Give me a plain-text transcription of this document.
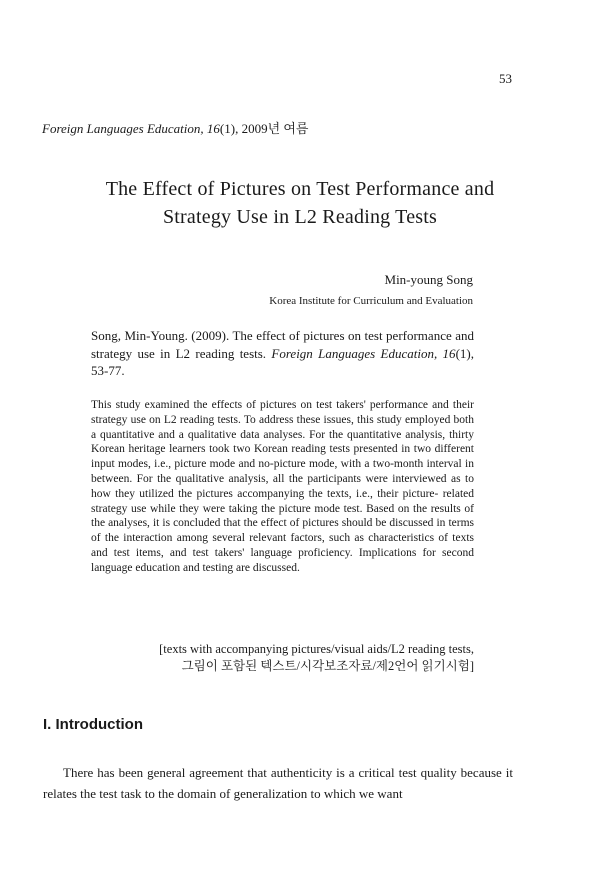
53
Foreign Languages Education, 16(1), 2009년 여름
The Effect of Pictures on Test Performance and
Strategy Use in L2 Reading Tests
Min-young Song
Korea Institute for Curriculum and Evaluation
Song, Min-Young. (2009). The effect of pictures on test performance and strategy use in L2 reading tests. Foreign Languages Education, 16(1), 53-77.
This study examined the effects of pictures on test takers' performance and their strategy use on L2 reading tests. To address these issues, this study employed both a quantitative and a qualitative data analyses. For the quantitative analysis, thirty Korean heritage learners took two Korean reading tests presented in two different input modes, i.e., picture mode and no-picture mode, with a two-month interval in between. For the qualitative analysis, all the participants were interviewed as to how they utilized the pictures accompanying the texts, i.e., their picture- related strategy use while they were taking the picture mode test. Based on the results of the analyses, it is concluded that the effect of pictures should be discussed in terms of the interaction among several relevant factors, such as characteristics of texts and test items, and test takers' language proficiency. Implications for second language education and testing are discussed.
[texts with accompanying pictures/visual aids/L2 reading tests,
그림이 포함된 텍스트/시각보조자료/제2언어 읽기시험]
I. Introduction
There has been general agreement that authenticity is a critical test quality because it relates the test task to the domain of generalization to which we want
